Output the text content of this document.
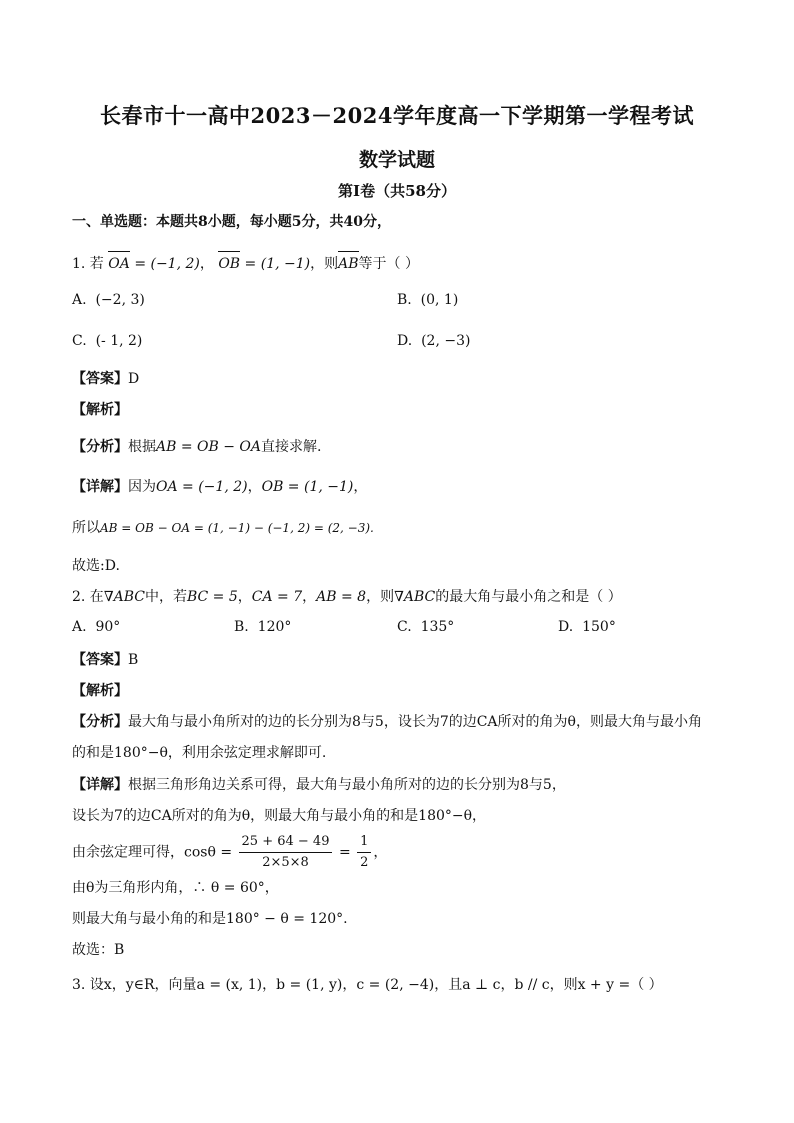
长春市十一高中2023－2024学年度高一下学期第一学程考试
数学试题
第I卷（共58分）
一、单选题：本题共8小题，每小题5分，共40分，
1. 若 OA = (−1, 2)， OB = (1, −1)，则AB等于（ ）
A. (−2, 3)	B. (0, 1)
C. (- 1, 2)	D. (2, −3)
【答案】D
【解析】
【分析】根据AB = OB − OA直接求解.
【详解】因为OA = (−1, 2)，OB = (1, −1)，
所以AB = OB − OA = (1, −1) − (−1, 2) = (2, −3).
故选:D.
2. 在∇ABC中，若BC = 5，CA = 7，AB = 8，则∇ABC的最大角与最小角之和是（ ）
A. 90°	B. 120°	C. 135°	D. 150°
【答案】B
【解析】
【分析】最大角与最小角所对的边的长分别为8与5，设长为7的边CA所对的角为θ，则最大角与最小角
的和是180°−θ，利用余弦定理求解即可.
【详解】根据三角形角边关系可得，最大角与最小角所对的边的长分别为8与5，
设长为7的边CA所对的角为θ，则最大角与最小角的和是180°−θ，
由余弦定理可得，$\cos\theta = \frac{25 + 64 - 49}{2\times 5\times 8} = \frac{1}{2}$ ，
由θ为三角形内角，∴ θ = 60°，
则最大角与最小角的和是180° − θ = 120°.
故选：B
3. 设x，y∈R，向量a = (x, 1)，b = (1, y)，c = (2, −4)，且a ⊥ c，b // c，则x + y =（ ）
